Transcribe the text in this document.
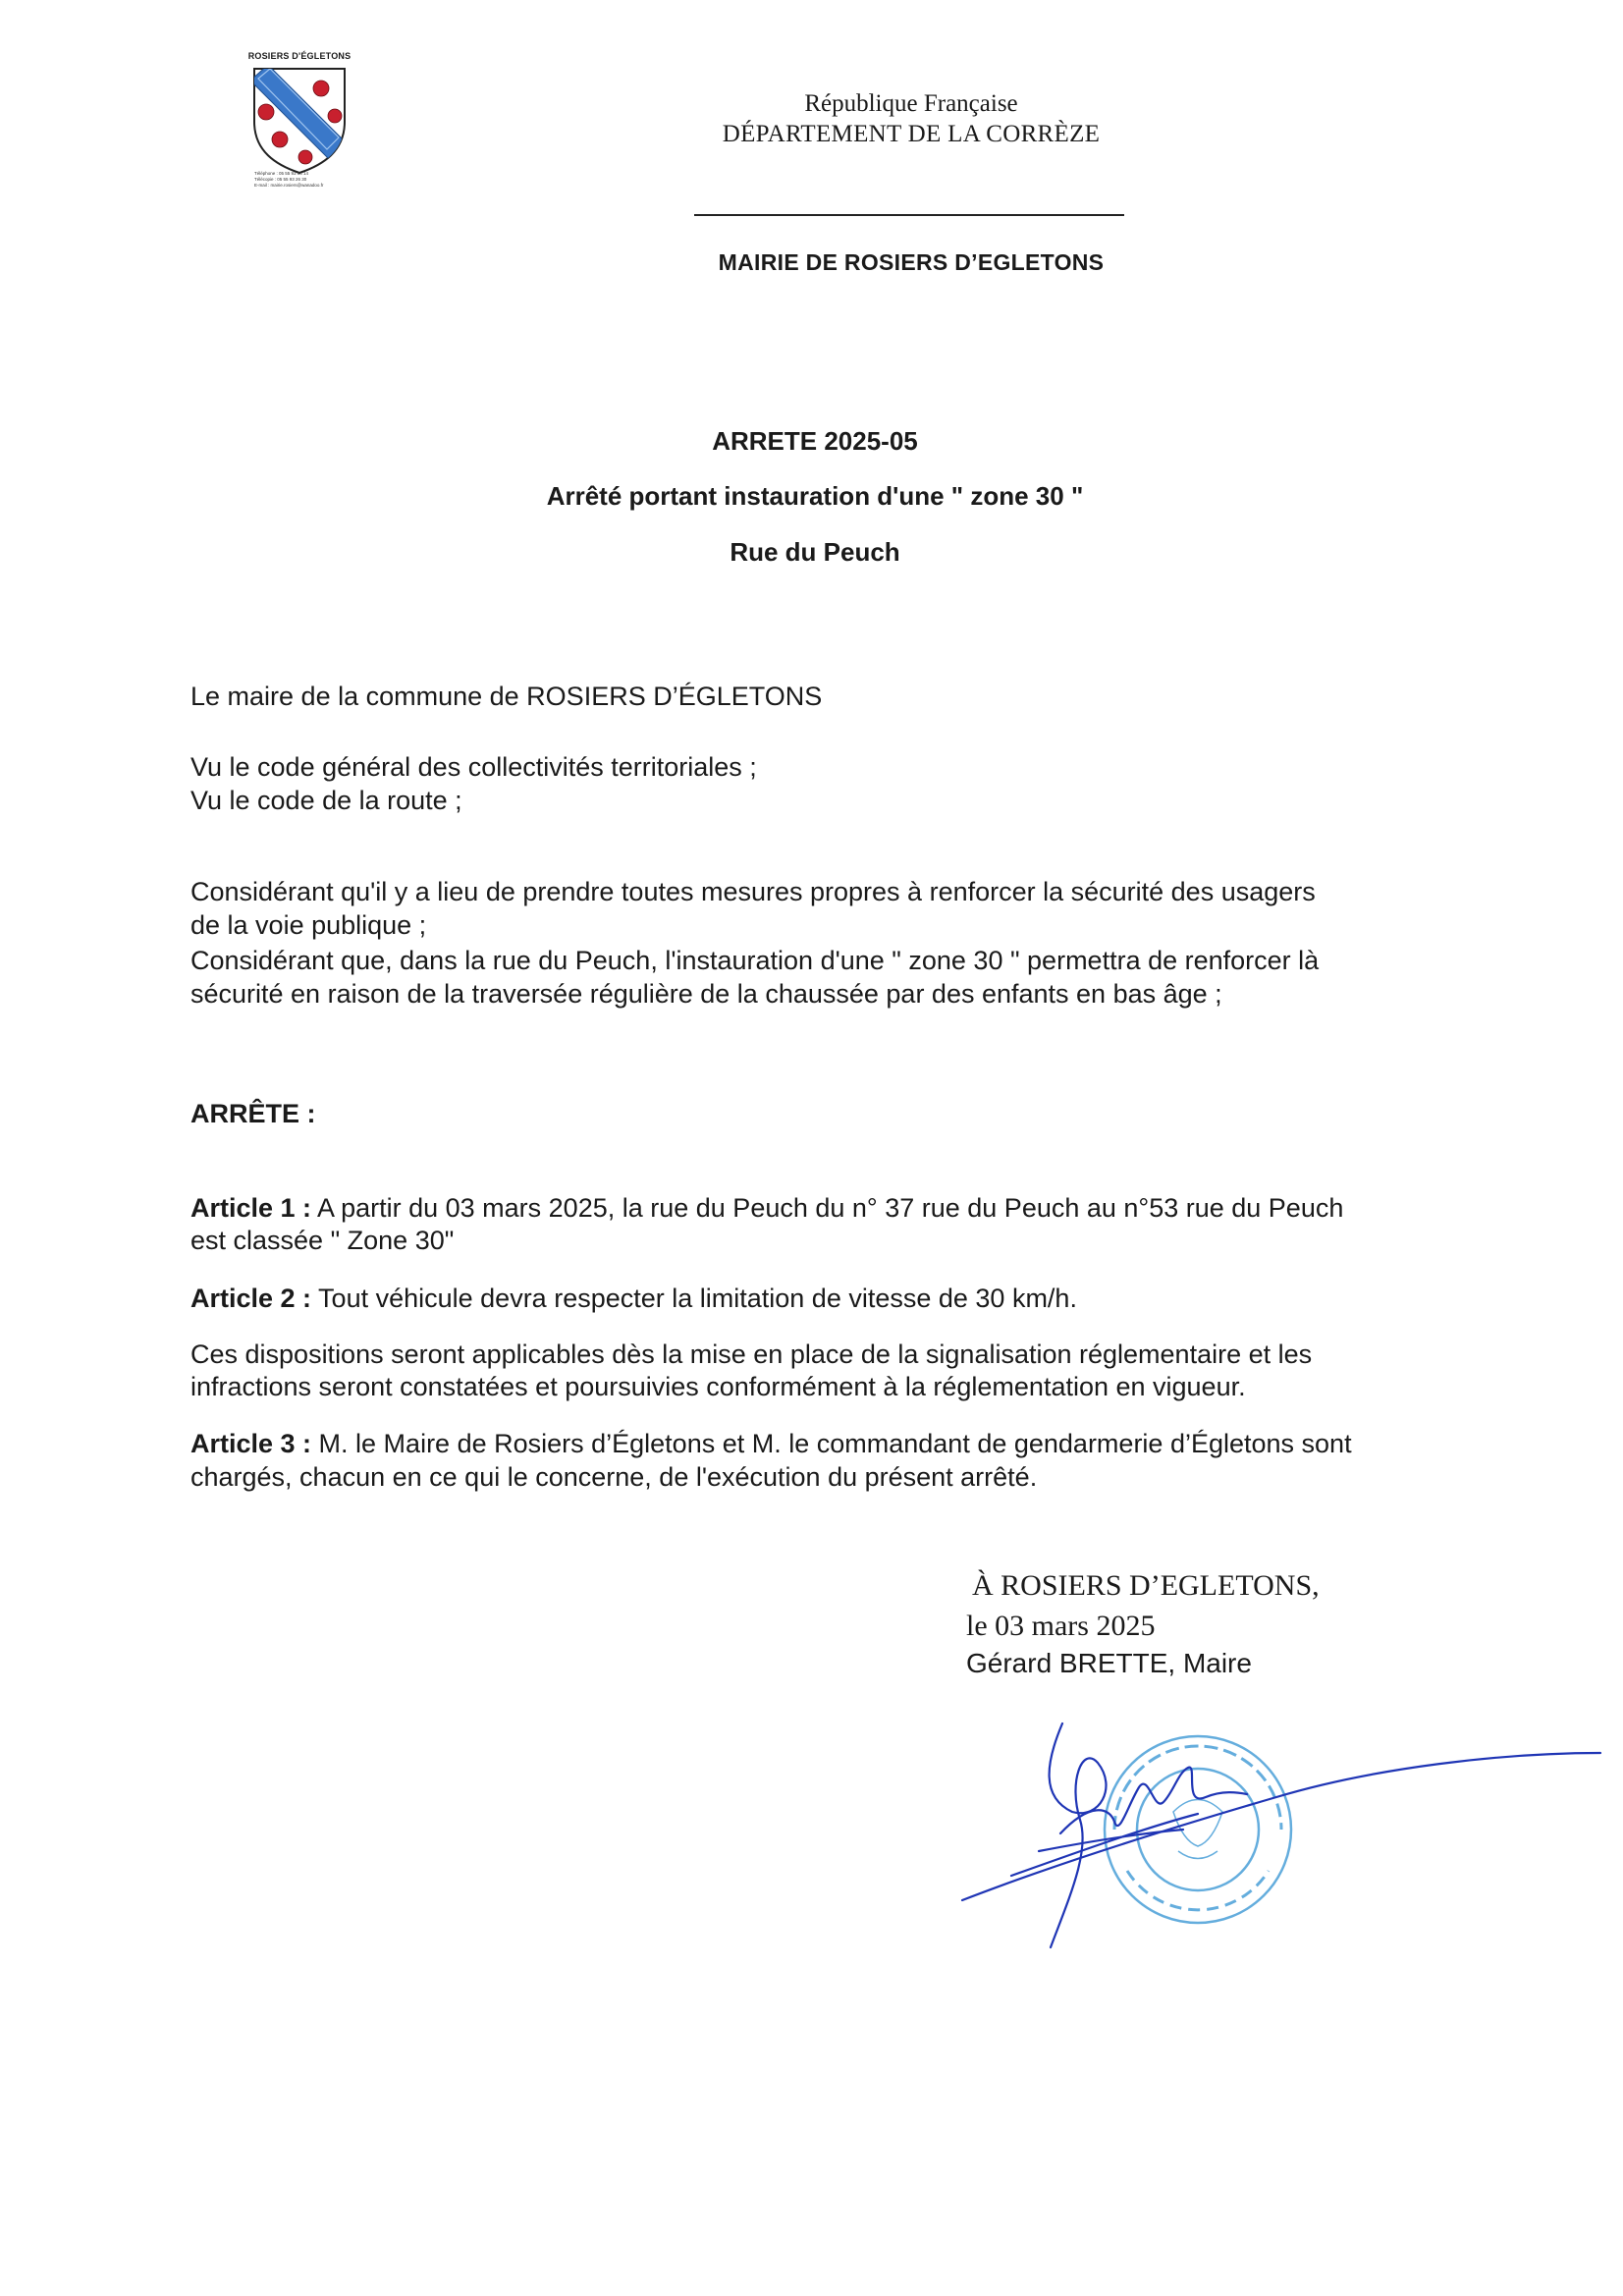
ROSIERS D'ÉGLETONS
Téléphone : 05 55 93 08 14
Télécopie : 05 55 93 26 30
E-mail : mairie.rosiers@wanadoo.fr
République Française
DÉPARTEMENT DE LA CORRÈZE
MAIRIE DE ROSIERS D’EGLETONS
ARRETE 2025-05
Arrêté portant instauration d'une " zone 30 "
Rue du Peuch
Le maire de la commune de ROSIERS D’ÉGLETONS
Vu le code général des collectivités territoriales ;
Vu le code de la route ;
Considérant qu'il y a lieu de prendre toutes mesures propres à renforcer la sécurité des usagers
de la voie publique ;
Considérant que, dans la rue du Peuch, l'instauration d'une " zone 30 " permettra de renforcer là
sécurité en raison de la traversée régulière de la chaussée par des enfants en bas âge ;
ARRÊTE :
Article 1 : A partir du 03 mars 2025, la rue du Peuch du n° 37 rue du Peuch au n°53 rue du Peuch
est classée " Zone 30"
Article 2 : Tout véhicule devra respecter la limitation de vitesse de 30 km/h.
Ces dispositions seront applicables dès la mise en place de la signalisation réglementaire et les
infractions seront constatées et poursuivies conformément à la réglementation en vigueur.
Article 3 : M. le Maire de Rosiers d’Égletons et M. le commandant de gendarmerie d’Égletons sont
chargés, chacun en ce qui le concerne, de l'exécution du présent arrêté.
À ROSIERS D’EGLETONS,
le 03 mars 2025
Gérard BRETTE, Maire
